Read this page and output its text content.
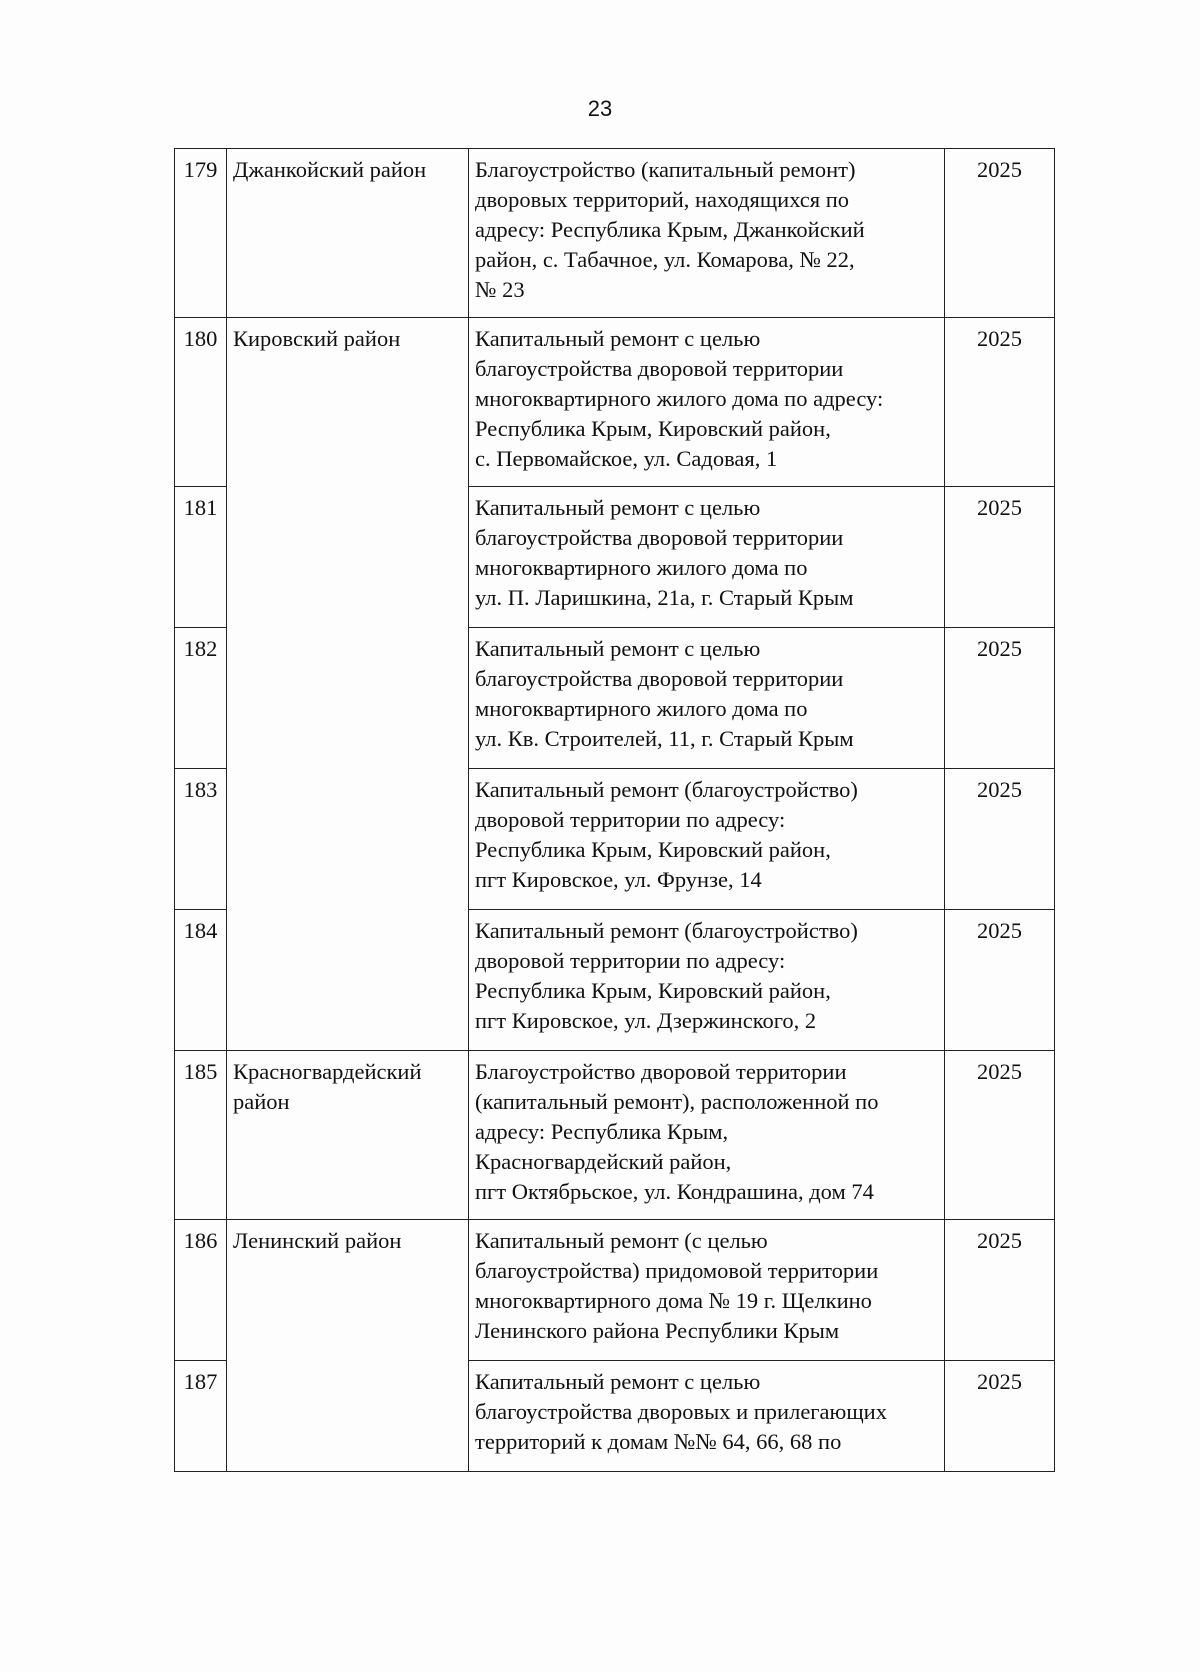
23
179	Джанкойский район	Благоустройство (капитальный ремонт)
дворовых территорий, находящихся по
адресу: Республика Крым, Джанкойский
район, с. Табачное, ул. Комарова, № 22,
№ 23	2025
180	Кировский район	Капитальный ремонт с целью
благоустройства дворовой территории
многоквартирного жилого дома по адресу:
Республика Крым, Кировский район,
с. Первомайское, ул. Садовая, 1	2025
181		Капитальный ремонт с целью
благоустройства дворовой территории
многоквартирного жилого дома по
ул. П. Ларишкина, 21а, г. Старый Крым	2025
182		Капитальный ремонт с целью
благоустройства дворовой территории
многоквартирного жилого дома по
ул. Кв. Строителей, 11, г. Старый Крым	2025
183		Капитальный ремонт (благоустройство)
дворовой территории по адресу:
Республика Крым, Кировский район,
пгт Кировское, ул. Фрунзе, 14	2025
184		Капитальный ремонт (благоустройство)
дворовой территории по адресу:
Республика Крым, Кировский район,
пгт Кировское, ул. Дзержинского, 2	2025
185	Красногвардейский
район	Благоустройство дворовой территории
(капитальный ремонт), расположенной по
адресу: Республика Крым,
Красногвардейский район,
пгт Октябрьское, ул. Кондрашина, дом 74	2025
186	Ленинский район	Капитальный ремонт (с целью
благоустройства) придомовой территории
многоквартирного дома № 19 г. Щелкино
Ленинского района Республики Крым	2025
187		Капитальный ремонт с целью
благоустройства дворовых и прилегающих
территорий к домам №№ 64, 66, 68 по	2025
